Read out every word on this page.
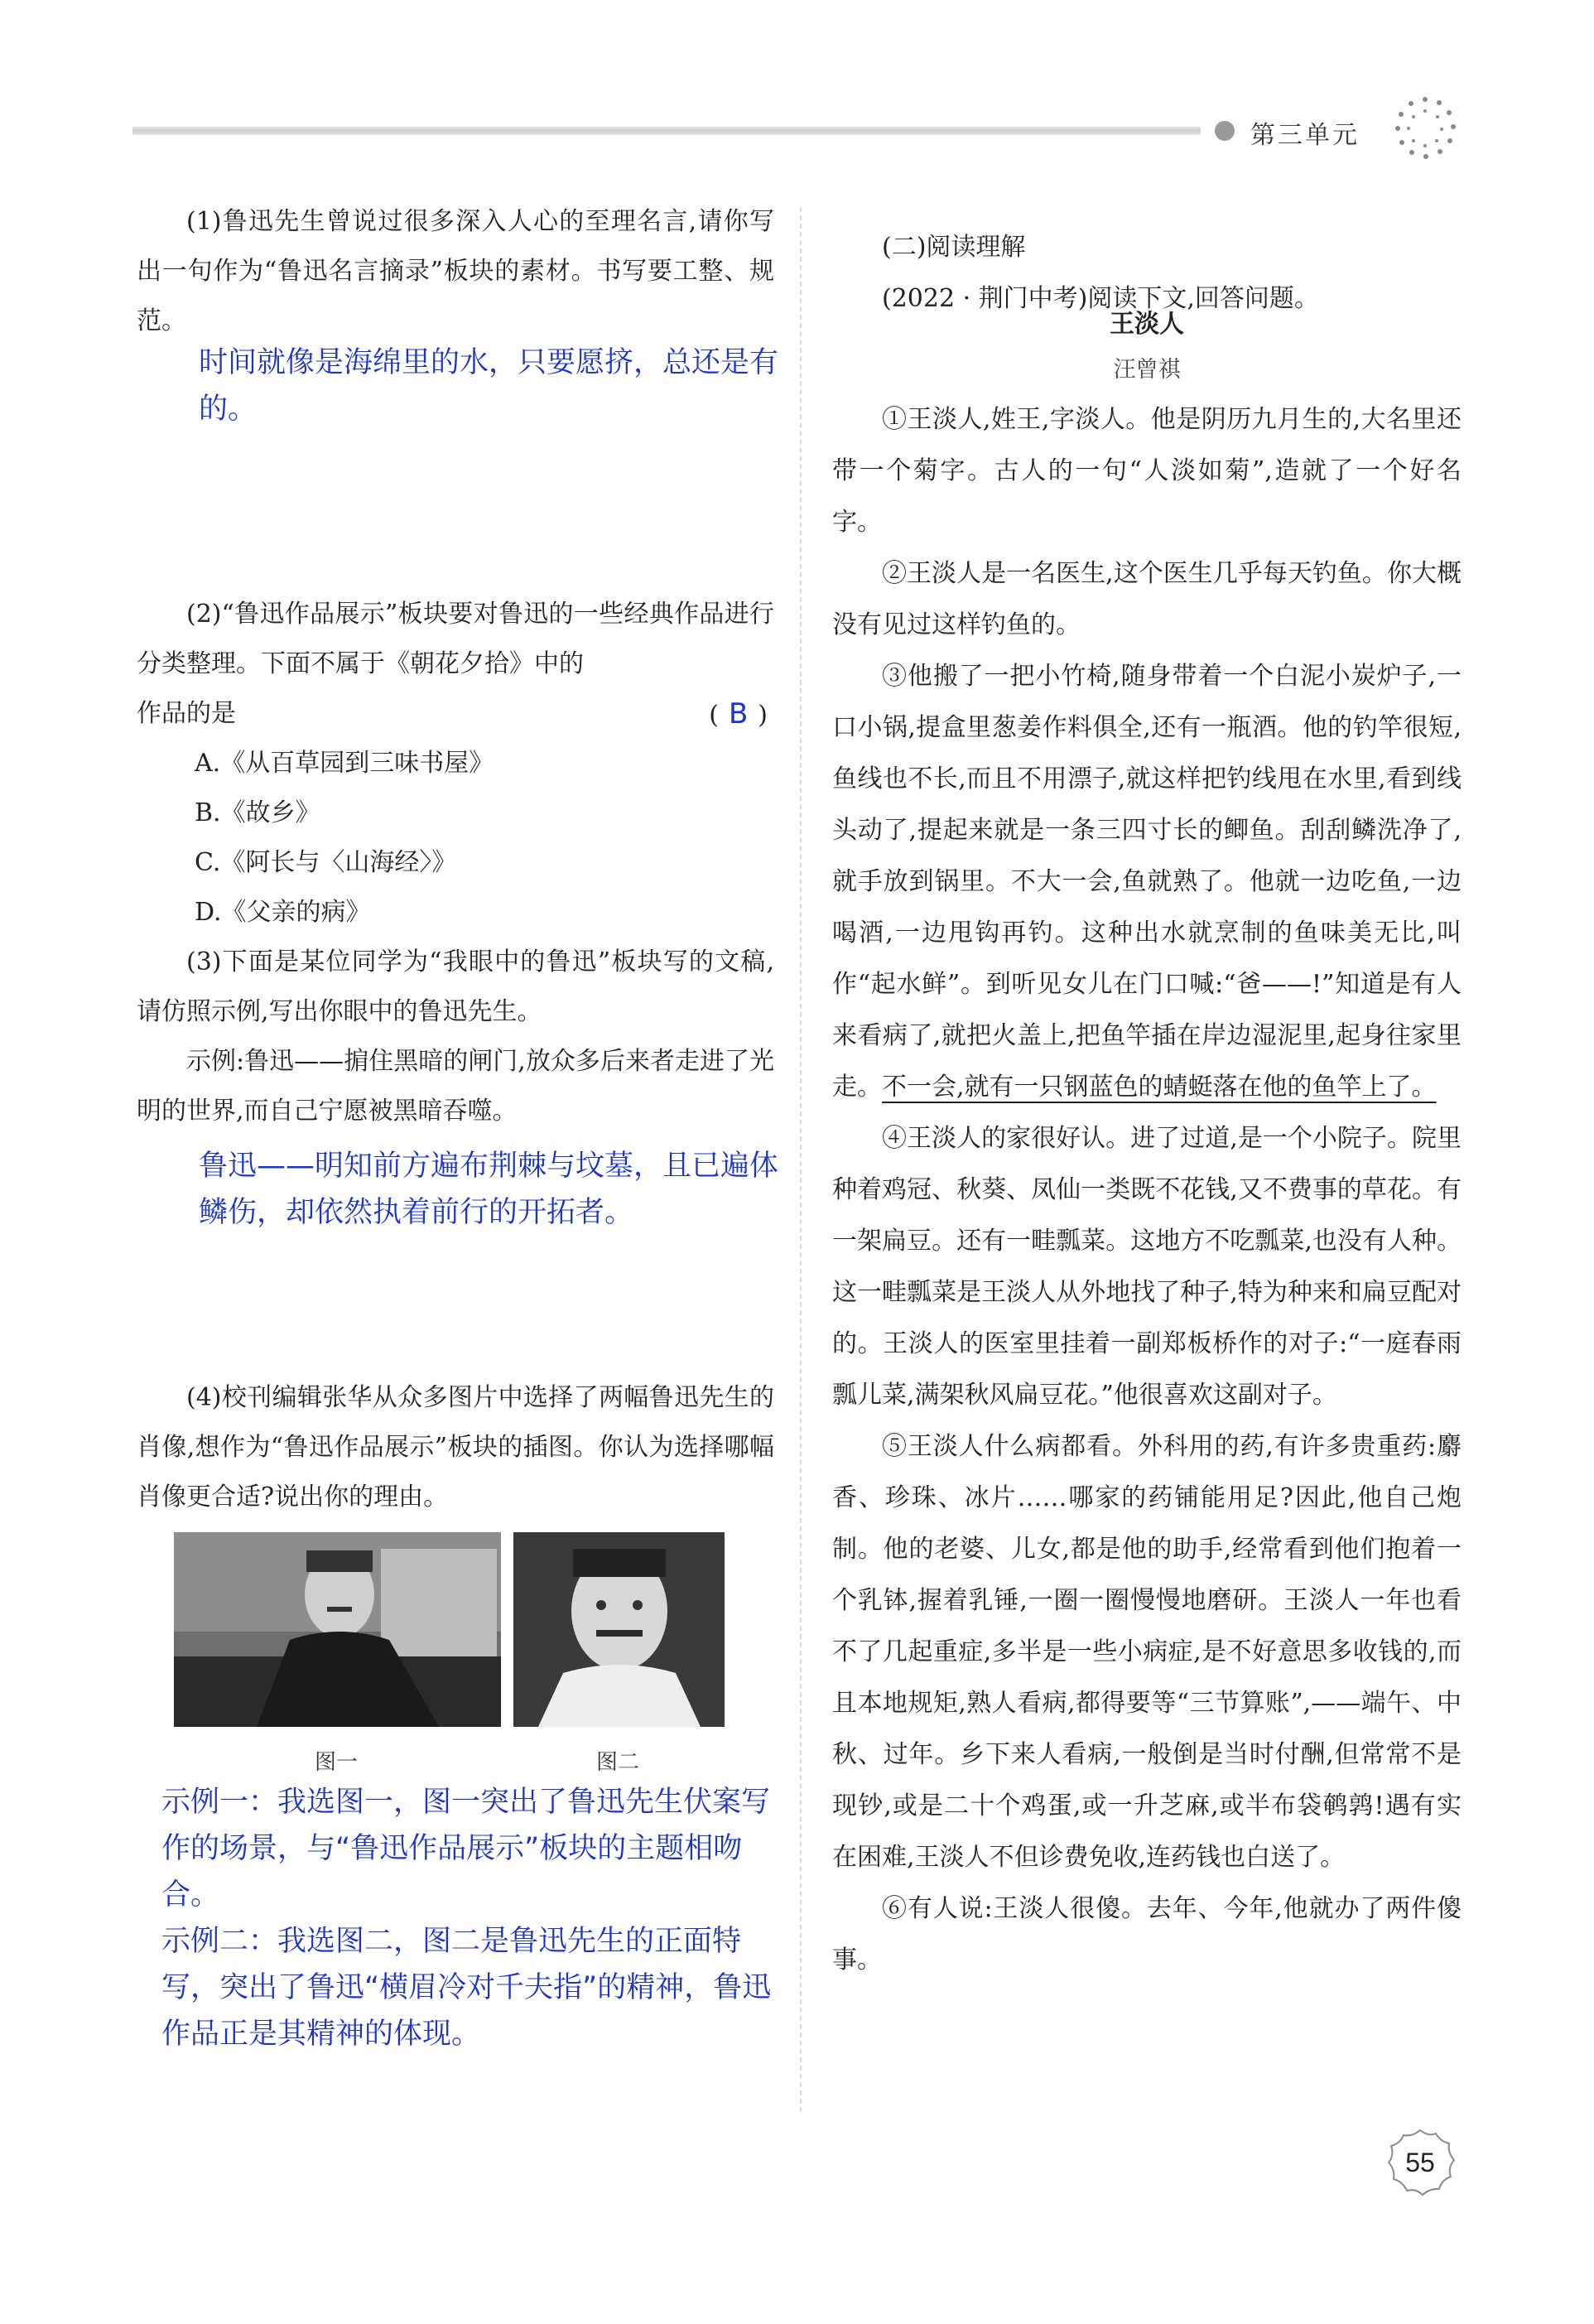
第三单元

(1)鲁迅先生曾说过很多深入人心的至理名言,请你写出一句作为“鲁迅名言摘录”板块的素材。书写要工整、规范。

时间就像是海绵里的水，只要愿挤，总还是有的。

(2)“鲁迅作品展示”板块要对鲁迅的一些经典作品进行分类整理。下面不属于《朝花夕拾》中的

作品的是	( B )
A.《从百草园到三味书屋》
B.《故乡》
C.《阿长与〈山海经〉》
D.《父亲的病》

(3)下面是某位同学为“我眼中的鲁迅”板块写的文稿,请仿照示例,写出你眼中的鲁迅先生。

示例:鲁迅——掮住黑暗的闸门,放众多后来者走进了光明的世界,而自己宁愿被黑暗吞噬。

鲁迅——明知前方遍布荆棘与坟墓，且已遍体鳞伤，却依然执着前行的开拓者。

(4)校刊编辑张华从众多图片中选择了两幅鲁迅先生的肖像,想作为“鲁迅作品展示”板块的插图。你认为选择哪幅肖像更合适?说出你的理由。

图一	图二

示例一：我选图一，图一突出了鲁迅先生伏案写作的场景，与“鲁迅作品展示”板块的主题相吻合。

示例二：我选图二，图二是鲁迅先生的正面特写，突出了鲁迅“横眉冷对千夫指”的精神，鲁迅作品正是其精神的体现。

(二)阅读理解

(2022 · 荆门中考)阅读下文,回答问题。

王淡人
汪曾祺

①王淡人,姓王,字淡人。他是阴历九月生的,大名里还带一个菊字。古人的一句“人淡如菊”,造就了一个好名字。

②王淡人是一名医生,这个医生几乎每天钓鱼。你大概没有见过这样钓鱼的。

③他搬了一把小竹椅,随身带着一个白泥小炭炉子,一口小锅,提盒里葱姜作料俱全,还有一瓶酒。他的钓竿很短,鱼线也不长,而且不用漂子,就这样把钓线甩在水里,看到线头动了,提起来就是一条三四寸长的鲫鱼。刮刮鳞洗净了,就手放到锅里。不大一会,鱼就熟了。他就一边吃鱼,一边喝酒,一边甩钩再钓。这种出水就烹制的鱼味美无比,叫作“起水鲜”。到听见女儿在门口喊:“爸——!”知道是有人来看病了,就把火盖上,把鱼竿插在岸边湿泥里,起身往家里走。不一会,就有一只钢蓝色的蜻蜓落在他的鱼竿上了。

④王淡人的家很好认。进了过道,是一个小院子。院里种着鸡冠、秋葵、凤仙一类既不花钱,又不费事的草花。有一架扁豆。还有一畦瓢菜。这地方不吃瓢菜,也没有人种。这一畦瓢菜是王淡人从外地找了种子,特为种来和扁豆配对的。王淡人的医室里挂着一副郑板桥作的对子:“一庭春雨瓢儿菜,满架秋风扁豆花。”他很喜欢这副对子。

⑤王淡人什么病都看。外科用的药,有许多贵重药:麝香、珍珠、冰片……哪家的药铺能用足?因此,他自己炮制。他的老婆、儿女,都是他的助手,经常看到他们抱着一个乳钵,握着乳锤,一圈一圈慢慢地磨研。王淡人一年也看不了几起重症,多半是一些小病症,是不好意思多收钱的,而且本地规矩,熟人看病,都得要等“三节算账”,——端午、中秋、过年。乡下来人看病,一般倒是当时付酬,但常常不是现钞,或是二十个鸡蛋,或一升芝麻,或半布袋鹌鹑!遇有实在困难,王淡人不但诊费免收,连药钱也白送了。

⑥有人说:王淡人很傻。去年、今年,他就办了两件傻事。

55
